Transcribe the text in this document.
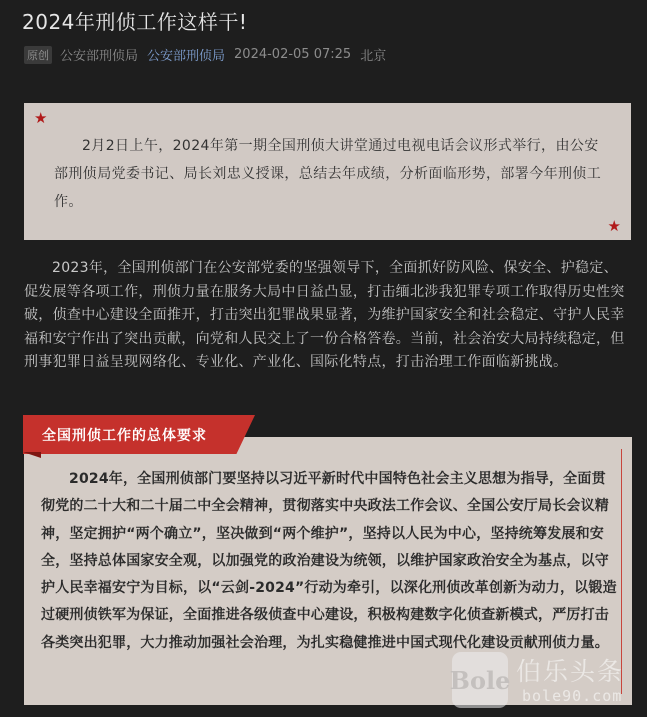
2024年刑侦工作这样干!
原创 公安部刑侦局 公安部刑侦局 2024-02-05 07:25 北京
★

2月2日上午，2024年第一期全国刑侦大讲堂通过电视电话会议形式举行，由公安部刑侦局党委书记、局长刘忠义授课，总结去年成绩，分析面临形势，部署今年刑侦工作。

★

2023年，全国刑侦部门在公安部党委的坚强领导下，全面抓好防风险、保安全、护稳定、促发展等各项工作，刑侦力量在服务大局中日益凸显，打击缅北涉我犯罪专项工作取得历史性突破，侦查中心建设全面推开，打击突出犯罪战果显著，为维护国家安全和社会稳定、守护人民幸福和安宁作出了突出贡献，向党和人民交上了一份合格答卷。当前，社会治安大局持续稳定，但刑事犯罪日益呈现网络化、专业化、产业化、国际化特点，打击治理工作面临新挑战。

2024年，全国刑侦部门要坚持以习近平新时代中国特色社会主义思想为指导，全面贯彻党的二十大和二十届二中全会精神，贯彻落实中央政法工作会议、全国公安厅局长会议精神，坚定拥护“两个确立”，坚决做到“两个维护”，坚持以人民为中心，坚持统筹发展和安全，坚持总体国家安全观，以加强党的政治建设为统领，以维护国家政治安全为基点，以守护人民幸福安宁为目标，以“云剑-2024”行动为牵引，以深化刑侦改革创新为动力，以锻造过硬刑侦铁军为保证，全面推进各级侦查中心建设，积极构建数字化侦查新模式，严厉打击各类突出犯罪，大力推动加强社会治理，为扎实稳健推进中国式现代化建设贡献刑侦力量。

全国刑侦工作的总体要求
Bole 伯乐头条
bole90.com
